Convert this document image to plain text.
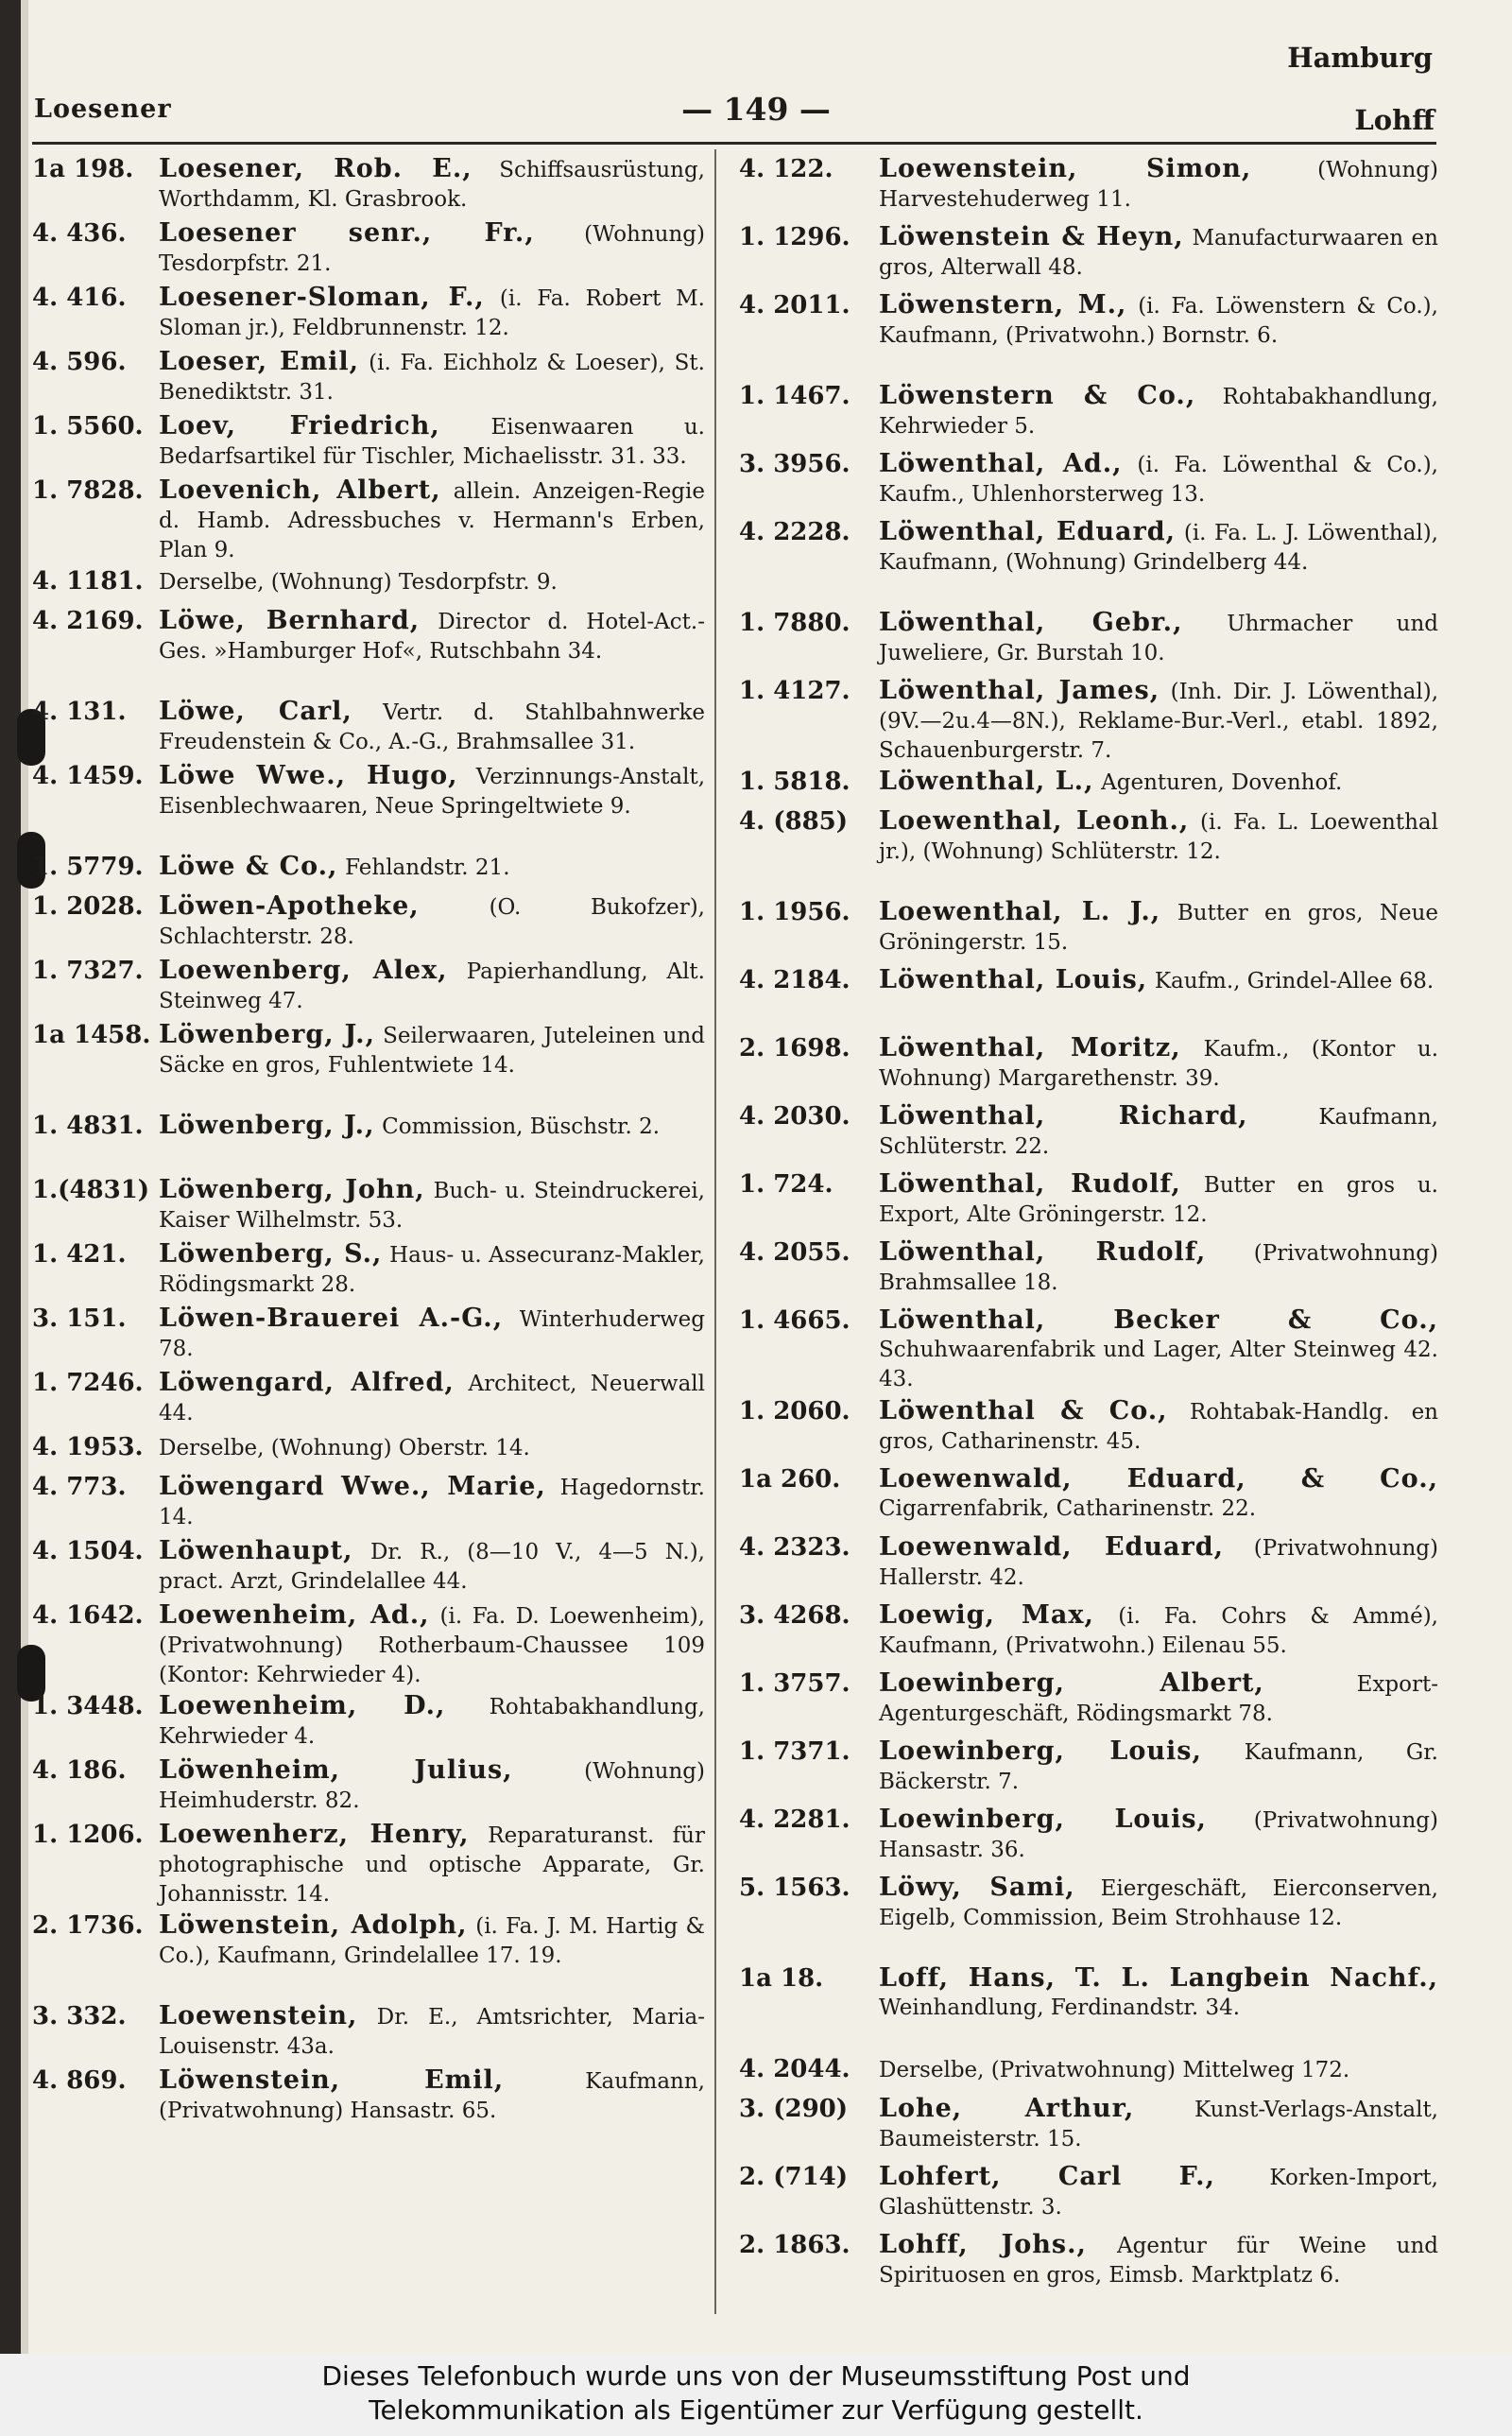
Hamburg
Loesener	— 149 —	Lohff
1a 198. Loesener, Rob. E., Schiffsausrüstung, Worthdamm, Kl. Grasbrook.
4. 436.	Loesener senr., Fr., (Wohnung) Tesdorpfstr. 21.
4. 416.	Loesener-Sloman, F., (i. Fa. Robert M. Sloman jr.), Feldbrunnenstr. 12.
4. 596.	Loeser, Emil, (i. Fa. Eichholz & Loeser), St. Benediktstr. 31.
1. 5560. Loev, Friedrich, Eisenwaaren u. Bedarfsartikel für Tischler, Michaelisstr. 31. 33.
1. 7828. Loevenich, Albert, allein. Anzeigen-Regie d. Hamb. Adressbuches v. Hermann's Erben, Plan 9.
4. 1181. Derselbe, (Wohnung) Tesdorpfstr. 9.
4. 2169. Löwe, Bernhard, Director d. Hotel-Act.-Ges. »Hamburger Hof«, Rutschbahn 34.
4. 131.	Löwe, Carl, Vertr. d. Stahlbahnwerke Freudenstein & Co., A.-G., Brahmsallee 31.
4. 1459. Löwe Wwe., Hugo, Verzinnungs-Anstalt, Eisenblechwaaren, Neue Springeltwiete 9.
1. 5779. Löwe & Co., Fehlandstr. 21.
1. 2028. Löwen-Apotheke,	(O. Bukofzer), Schlachterstr. 28.
1. 7327. Loewenberg, Alex, Papierhandlung, Alt. Steinweg 47.
1a 1458. Löwenberg, J., Seilerwaaren, Juteleinen und Säcke en gros, Fuhlentwiete 14.
1. 4831. Löwenberg, J., Commission, Büschstr. 2.
1.(4831) Löwenberg, John, Buch- u. Steindruckerei, Kaiser Wilhelmstr. 53.
1. 421.	Löwenberg, S., Haus- u. Assecuranz-Makler, Rödingsmarkt 28.
3. 151.	Löwen-Brauerei A.-G., Winterhuderweg 78.
1. 7246. Löwengard, Alfred, Architect, Neuerwall 44.
4. 1953. Derselbe, (Wohnung) Oberstr. 14.
4. 773.	Löwengard Wwe., Marie, Hagedornstr. 14.
4. 1504. Löwenhaupt, Dr. R., (8—10 V., 4—5 N.), pract. Arzt, Grindelallee 44.
4. 1642. Loewenheim, Ad., (i. Fa. D. Loewenheim), (Privatwohnung) Rotherbaum-Chaussee 109 (Kontor: Kehrwieder 4).
1. 3448. Loewenheim, D., Rohtabakhandlung, Kehrwieder 4.
4. 186.	Löwenheim, Julius,	(Wohnung) Heimhuderstr. 82.
1. 1206. Loewenherz, Henry, Reparaturanst. für photographische und optische Apparate, Gr. Johannisstr. 14.
2. 1736. Löwenstein, Adolph, (i. Fa. J. M. Hartig & Co.), Kaufmann, Grindelallee 17. 19.
3. 332.	Loewenstein, Dr. E., Amtsrichter, Maria-Louisenstr. 43a.
4. 869.	Löwenstein, Emil,	Kaufmann, (Privatwohnung) Hansastr. 65.
4. 122.	Loewenstein, Simon,	(Wohnung) Harvestehuderweg 11.
1. 1296.	Löwenstein & Heyn, Manufacturwaaren en gros, Alterwall 48.
4. 2011.	Löwenstern, M., (i. Fa. Löwenstern & Co.), Kaufmann, (Privatwohn.) Bornstr. 6.
1. 1467.	Löwenstern & Co., Rohtabakhandlung, Kehrwieder 5.
3. 3956.	Löwenthal, Ad., (i. Fa. Löwenthal & Co.), Kaufm., Uhlenhorsterweg 13.
4. 2228.	Löwenthal, Eduard, (i. Fa. L. J. Löwenthal), Kaufmann, (Wohnung) Grindelberg 44.
1. 7880.	Löwenthal, Gebr., Uhrmacher und Juweliere, Gr. Burstah 10.
1. 4127.	Löwenthal, James, (Inh. Dir. J. Löwenthal), (9V.—2u.4—8N.), Reklame-Bur.-Verl., etabl. 1892, Schauenburgerstr. 7.
1. 5818.	Löwenthal, L., Agenturen, Dovenhof.
4. (885)	Loewenthal, Leonh., (i. Fa. L. Loewenthal jr.), (Wohnung) Schlüterstr. 12.
1. 1956.	Loewenthal, L. J., Butter en gros, Neue Gröningerstr. 15.
4. 2184.	Löwenthal, Louis, Kaufm., Grindel-Allee 68.
2. 1698.	Löwenthal, Moritz, Kaufm., (Kontor u. Wohnung) Margarethenstr. 39.
4. 2030.	Löwenthal, Richard,	Kaufmann, Schlüterstr. 22.
1. 724.	Löwenthal, Rudolf, Butter en gros u. Export, Alte Gröningerstr. 12.
4. 2055.	Löwenthal, Rudolf, (Privatwohnung) Brahmsallee 18.
1. 4665.	Löwenthal, Becker & Co., Schuhwaarenfabrik und Lager, Alter Steinweg 42. 43.
1. 2060.	Löwenthal & Co., Rohtabak-Handlg. en gros, Catharinenstr. 45.
1a 260.	Loewenwald, Eduard, & Co., Cigarrenfabrik, Catharinenstr. 22.
4. 2323.	Loewenwald, Eduard, (Privatwohnung) Hallerstr. 42.
3. 4268.	Loewig, Max, (i. Fa. Cohrs & Ammé), Kaufmann, (Privatwohn.) Eilenau 55.
1. 3757.	Loewinberg, Albert,	Export-Agenturgeschäft, Rödingsmarkt 78.
1. 7371.	Loewinberg, Louis, Kaufmann, Gr. Bäckerstr. 7.
4. 2281.	Loewinberg, Louis, (Privatwohnung) Hansastr. 36.
5. 1563.	Löwy, Sami, Eiergeschäft, Eierconserven, Eigelb, Commission, Beim Strohhause 12.
1a 18.	Loff, Hans, T. L. Langbein Nachf., Weinhandlung, Ferdinandstr. 34.
4. 2044.	Derselbe, (Privatwohnung) Mittelweg 172.
3. (290)	Lohe, Arthur,	Kunst-Verlags-Anstalt, Baumeisterstr. 15.
2. (714)	Lohfert, Carl F.,	Korken-Import, Glashüttenstr. 3.
2. 1863.	Lohff, Johs., Agentur für Weine und Spirituosen en gros, Eimsb. Marktplatz 6.
Dieses Telefonbuch wurde uns von der Museumsstiftung Post und
Telekommunikation als Eigentümer zur Verfügung gestellt.
